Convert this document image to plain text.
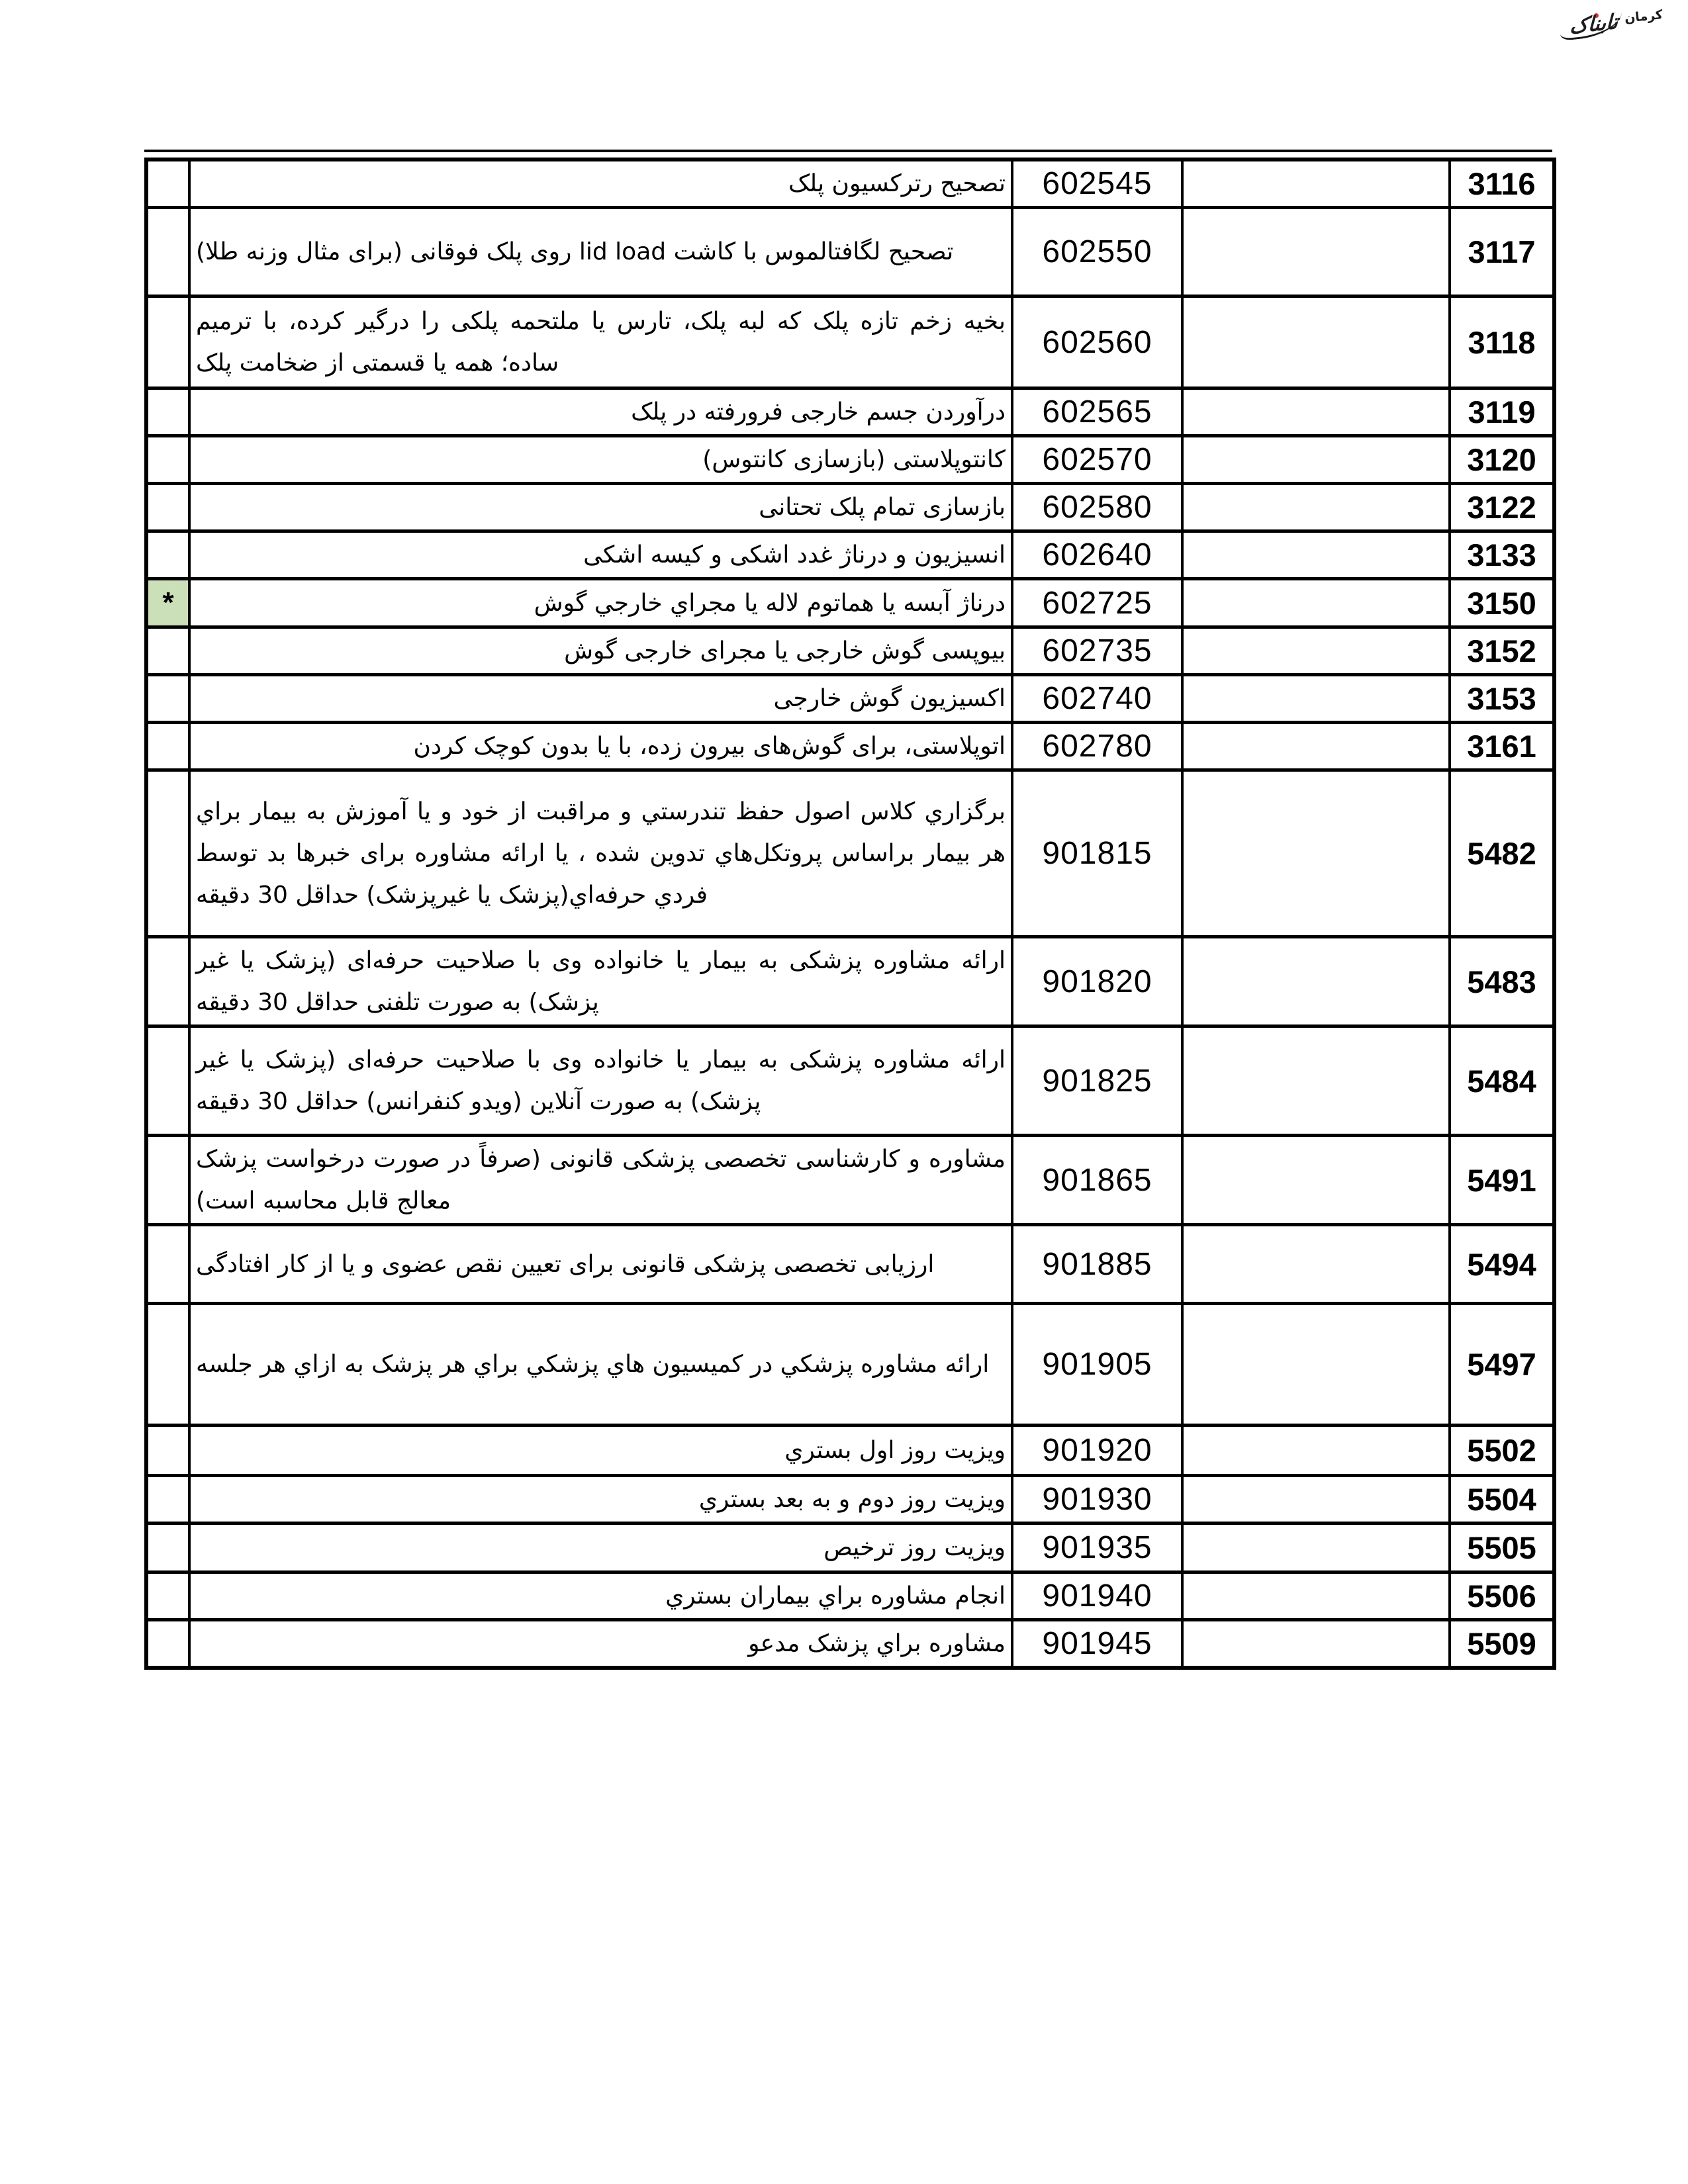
تابناک کرمان
	تصحیح رترکسیون پلک	602545		3116
	تصحیح لگافتالموس با کاشت lid load روی پلک فوقانی (برای مثال وزنه طلا)	602550		3117
	بخیه زخم تازه پلک که لبه پلک، تارس یا ملتحمه پلکی را درگیر کرده، با ترمیم ساده؛ همه یا قسمتی از ضخامت پلک	602560		3118
	درآوردن جسم خارجی فرورفته در پلک	602565		3119
	کانتوپلاستی (بازسازی کانتوس)	602570		3120
	بازسازی تمام پلک تحتانی	602580		3122
	انسیزیون و درناژ غدد اشکی و کیسه اشکی	602640		3133
*	درناژ آبسه یا هماتوم لاله یا مجراي خارجي گوش	602725		3150
	بیوپسی گوش خارجی یا مجرای خارجی گوش	602735		3152
	اکسیزیون گوش خارجی	602740		3153
	اتوپلاستی، برای گوش‌های بیرون زده، با یا بدون کوچک کردن	602780		3161
	برگزاري کلاس اصول حفظ تندرستي و مراقبت از خود و يا آموزش به بيمار براي هر بيمار براساس پروتکل‌هاي تدوين شده ، يا ارائه مشاوره برای خبرها بد توسط فردي حرفه‌اي(پزشک يا غيرپزشک) حداقل 30 دقيقه	901815		5482
	ارائه مشاوره پزشکی به بیمار یا خانواده وی با صلاحیت حرفه‌ای (پزشک یا غیر پزشک) به صورت تلفنی حداقل 30 دقیقه	901820		5483
	ارائه مشاوره پزشکی به بیمار یا خانواده وی با صلاحیت حرفه‌ای (پزشک یا غیر پزشک) به صورت آنلاین (ویدو کنفرانس) حداقل 30 دقیقه	901825		5484
	مشاوره و کارشناسی تخصصی پزشکی قانونی (صرفاً در صورت درخواست پزشک معالج قابل محاسبه است)	901865		5491
	ارزیابی تخصصی پزشکی قانونی برای تعیین نقص عضوی و یا از کار افتادگی	901885		5494
	ارائه مشاوره پزشکي در کمیسیون هاي پزشکي براي هر پزشک به ازاي هر جلسه	901905		5497
	ویزیت روز اول بستري	901920		5502
	ویزیت روز دوم و به بعد بستري	901930		5504
	ویزیت روز ترخیص	901935		5505
	انجام مشاوره براي بیماران بستري	901940		5506
	مشاوره براي پزشک مدعو	901945		5509
